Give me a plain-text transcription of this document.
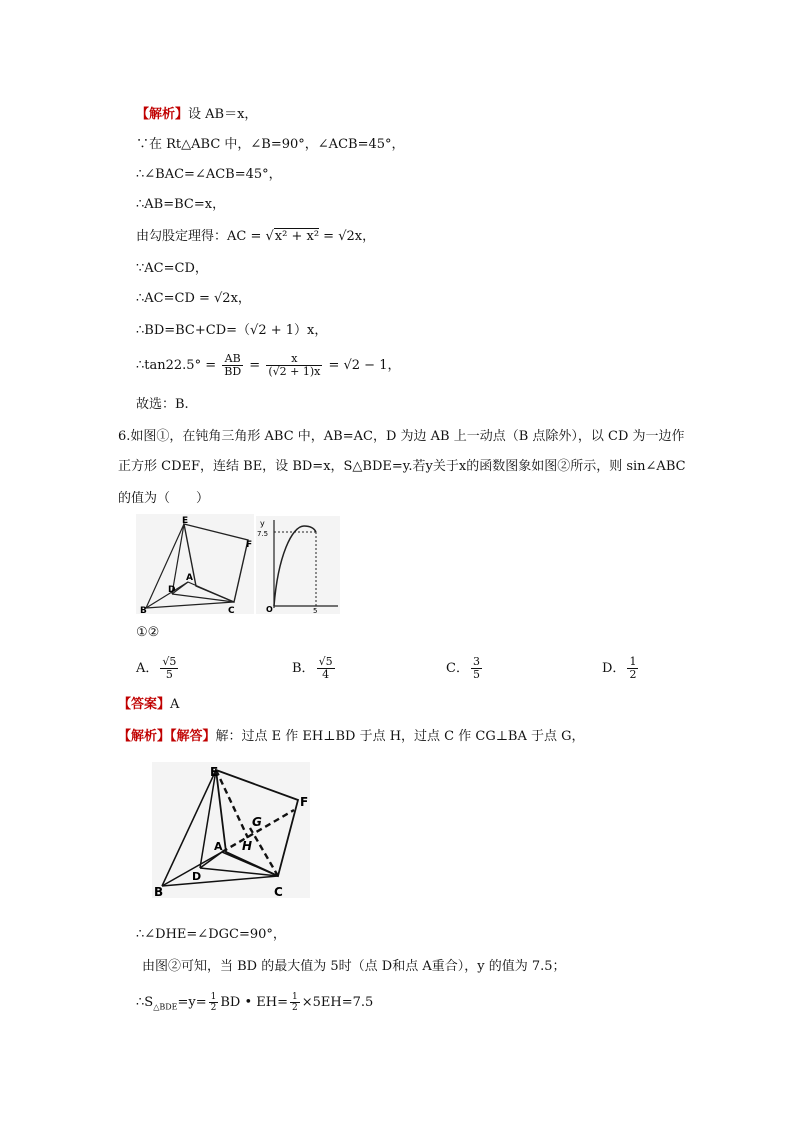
【解析】设 AB＝x，
∵在 Rt△ABC 中，∠B=90°，∠ACB=45°，
∴∠BAC=∠ACB=45°，
∴AB=BC=x，
由勾股定理得：AC = √x² + x² = √2x，
∵AC=CD，
∴AC=CD = √2x，
∴BD=BC+CD=（√2 + 1）x，
∴tan22.5° = $\frac{AB}{BD} = \frac{x}{(√2 + 1)x} = √2 - 1$，
故选：B.
6.如图①，在钝角三角形 ABC 中，AB=AC，D 为边 AB 上一动点（B 点除外），以 CD 为一边作
正方形 CDEF，连结 BE，设 BD=x，S△BDE=y.若y关于x的函数图象如图②所示，则 sin∠ABC
的值为（　　）
E
F
A
D
B	C
y
7.5
O	5
①②
A． $\frac{√5}{5}$	B． $\frac{√5}{4}$	C． $\frac{3}{5}$	D． $\frac{1}{2}$
【答案】A
【解析】【解答】解：过点 E 作 EH⊥BD 于点 H，过点 C 作 CG⊥BA 于点 G，
E
F
G
H
A
D
B	C
∴∠DHE=∠DGC=90°，
由图②可知，当 BD 的最大值为 5时（点 D和点 A重合），y 的值为 7.5；
$\therefore S_{\triangle BDE}=y= \frac{1}{2}$ BD • $EH= \frac{1}{2} \times 5EH=7.5$
